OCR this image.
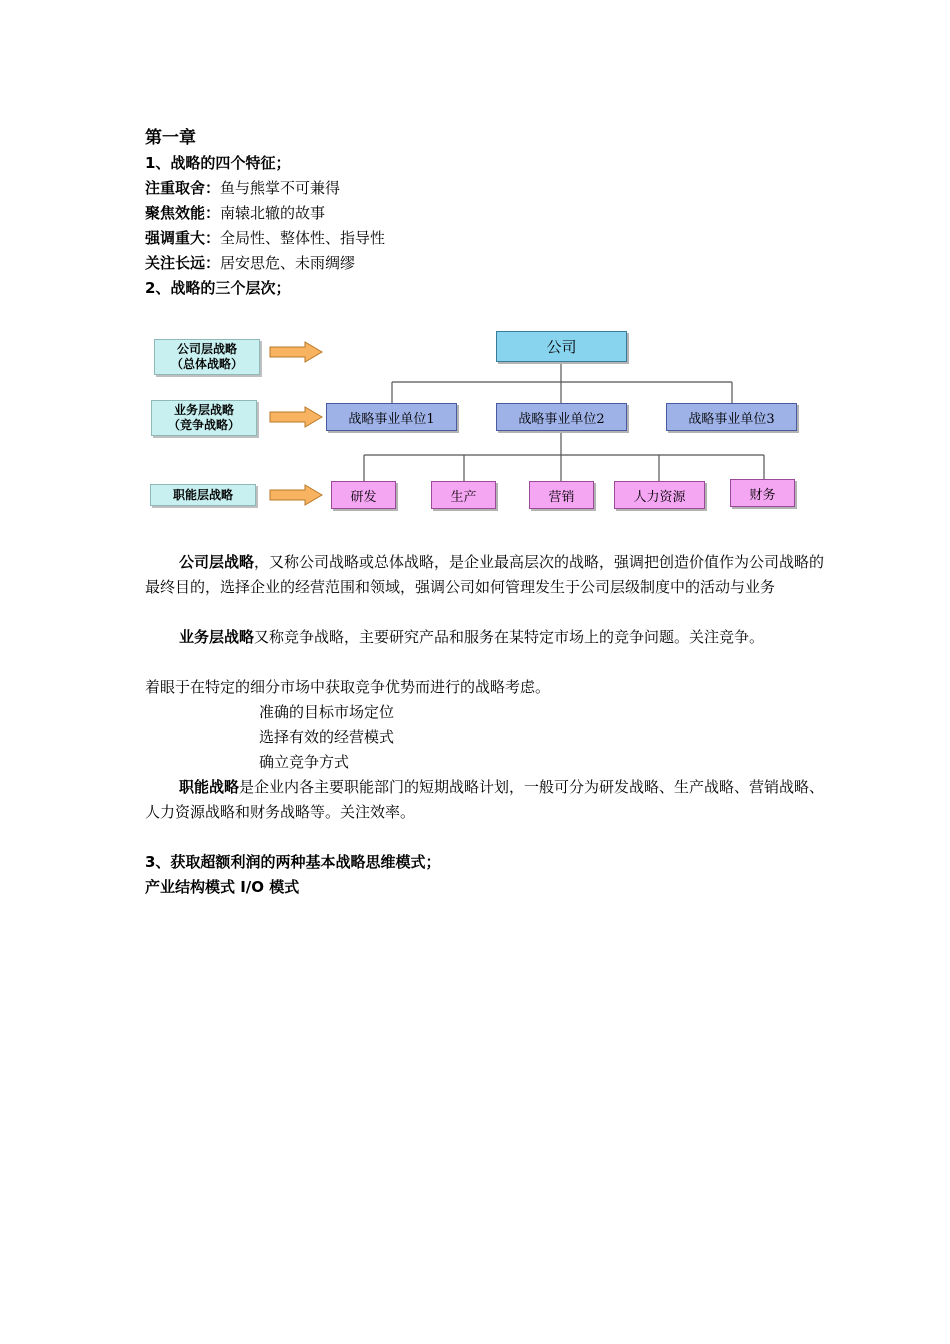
第一章
1、战略的四个特征；
注重取舍：鱼与熊掌不可兼得
聚焦效能：南辕北辙的故事
强调重大：全局性、整体性、指导性
关注长远：居安思危、未雨绸缪
2、战略的三个层次；
公司层战略
（总体战略）
业务层战略
（竞争战略）
职能层战略
公司
战略事业单位1	战略事业单位2	战略事业单位3
研发	生产	营销	人力资源	财务
公司层战略，又称公司战略或总体战略，是企业最高层次的战略，强调把创造价值作为公司战略的最终目的，选择企业的经营范围和领域，强调公司如何管理发生于公司层级制度中的活动与业务
业务层战略又称竞争战略，主要研究产品和服务在某特定市场上的竞争问题。关注竞争。
着眼于在特定的细分市场中获取竞争优势而进行的战略考虑。
准确的目标市场定位
选择有效的经营模式
确立竞争方式
职能战略是企业内各主要职能部门的短期战略计划，一般可分为研发战略、生产战略、营销战略、人力资源战略和财务战略等。关注效率。
3、获取超额利润的两种基本战略思维模式；
产业结构模式 I/O 模式
